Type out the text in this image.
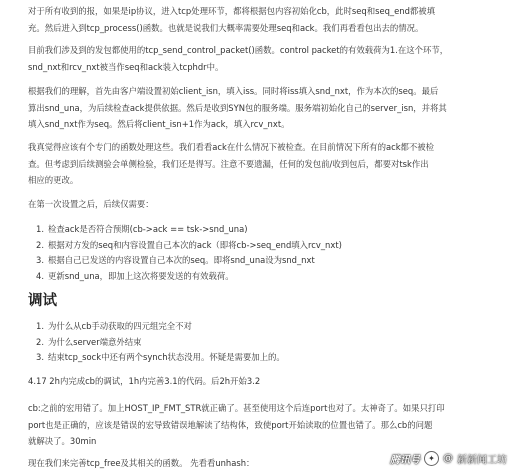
对于所有收到的报，如果是ip协议，进入tcp处理环节，都将根据包内容初始化cb，此时seq和seq_end都被填
充。然后进入到tcp_process()函数。也就是说我们大概率需要处理seq和ack。我们再看看包出去的情况。
目前我们涉及到的发包都使用的tcp_send_control_packet()函数。control packet的有效载荷为1.在这个环节，
snd_nxt和rcv_nxt被当作seq和ack装入tcphdr中。
根据我们的理解，首先由客户端设置初始client_isn，填入iss。同时将iss填入snd_nxt，作为本次的seq。最后
算出snd_una，为后续检查ack提供依据。然后是收到SYN包的服务端。服务端初始化自己的server_isn，并将其
填入snd_nxt作为seq。然后将client_isn+1作为ack，填入rcv_nxt。
我真觉得应该有个专门的函数处理这些。我们看看ack在什么情况下被检查。在目前情况下所有的ack都不被检
查。但考虑到后续测验会单侧检验，我们还是得写。注意不要遗漏，任何的发包前/收到包后，都要对tsk作出
相应的更改。
在第一次设置之后，后续仅需要：
1. 检查ack是否符合预期(cb->ack == tsk->snd_una)
2. 根据对方发的seq和内容设置自己本次的ack（即将cb->seq_end填入rcv_nxt)
3. 根据自己已发送的内容设置自己本次的seq。即将snd_una设为snd_nxt
4. 更新snd_una，即加上这次将要发送的有效载荷。
调试
1. 为什么从cb手动获取的四元组完全不对
2. 为什么server端意外结束
3. 结束tcp_sock中还有两个synch状态没用。怀疑是需要加上的。
4.17 2h内完成cb的调试，1h内完善3.1的代码。后2h开始3.2
cb:之前的宏用错了。加上HOST_IP_FMT_STR就正确了。甚至使用这个后连port也对了。太神奇了。如果只打印
port也是正确的，应该是错误的宏导致错误地解读了结构体，致使port开始读取的位置也错了。那么cb的问题
就解决了。30min
现在我们来完善tcp_free及其相关的函数。 先看看unhash：	腾讯号	✦ @ 新新闻工坊
